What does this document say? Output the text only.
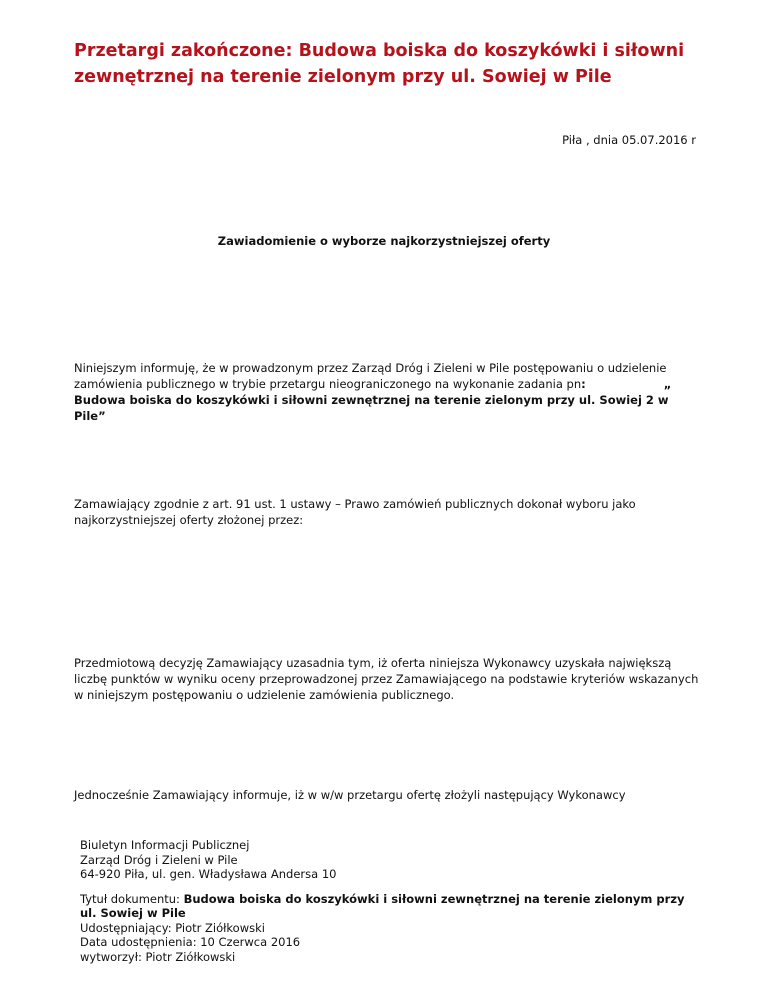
Przetargi zakończone: Budowa boiska do koszykówki i siłowni zewnętrznej na terenie zielonym przy ul. Sowiej w Pile
Piła , dnia 05.07.2016 r
Zawiadomienie o wyborze najkorzystniejszej oferty

Niniejszym informuję, że w prowadzonym przez Zarząd Dróg i Zieleni w Pile postępowaniu o udzielenie zamówienia publicznego w trybie przetargu nieograniczonego na wykonanie zadania pn:	„ Budowa boiska do koszykówki i siłowni zewnętrznej na terenie zielonym przy ul. Sowiej 2 w Pile”

Zamawiający zgodnie z art. 91 ust. 1 ustawy – Prawo zamówień publicznych dokonał wyboru jako najkorzystniejszej oferty złożonej przez:

Przedmiotową decyzję Zamawiający uzasadnia tym, iż oferta niniejsza Wykonawcy uzyskała największą liczbę punktów w wyniku oceny przeprowadzonej przez Zamawiającego na podstawie kryteriów wskazanych w niniejszym postępowaniu o udzielenie zamówienia publicznego.

Jednocześnie Zamawiający informuje, iż w w/w przetargu ofertę złożyli następujący Wykonawcy

Biuletyn Informacji Publicznej
Zarząd Dróg i Zieleni w Pile
64-920 Piła, ul. gen. Władysława Andersa 10
Tytuł dokumentu: Budowa boiska do koszykówki i siłowni zewnętrznej na terenie zielonym przy ul. Sowiej w Pile
Udostępniający: Piotr Ziółkowski
Data udostępnienia: 10 Czerwca 2016
wytworzył: Piotr Ziółkowski
